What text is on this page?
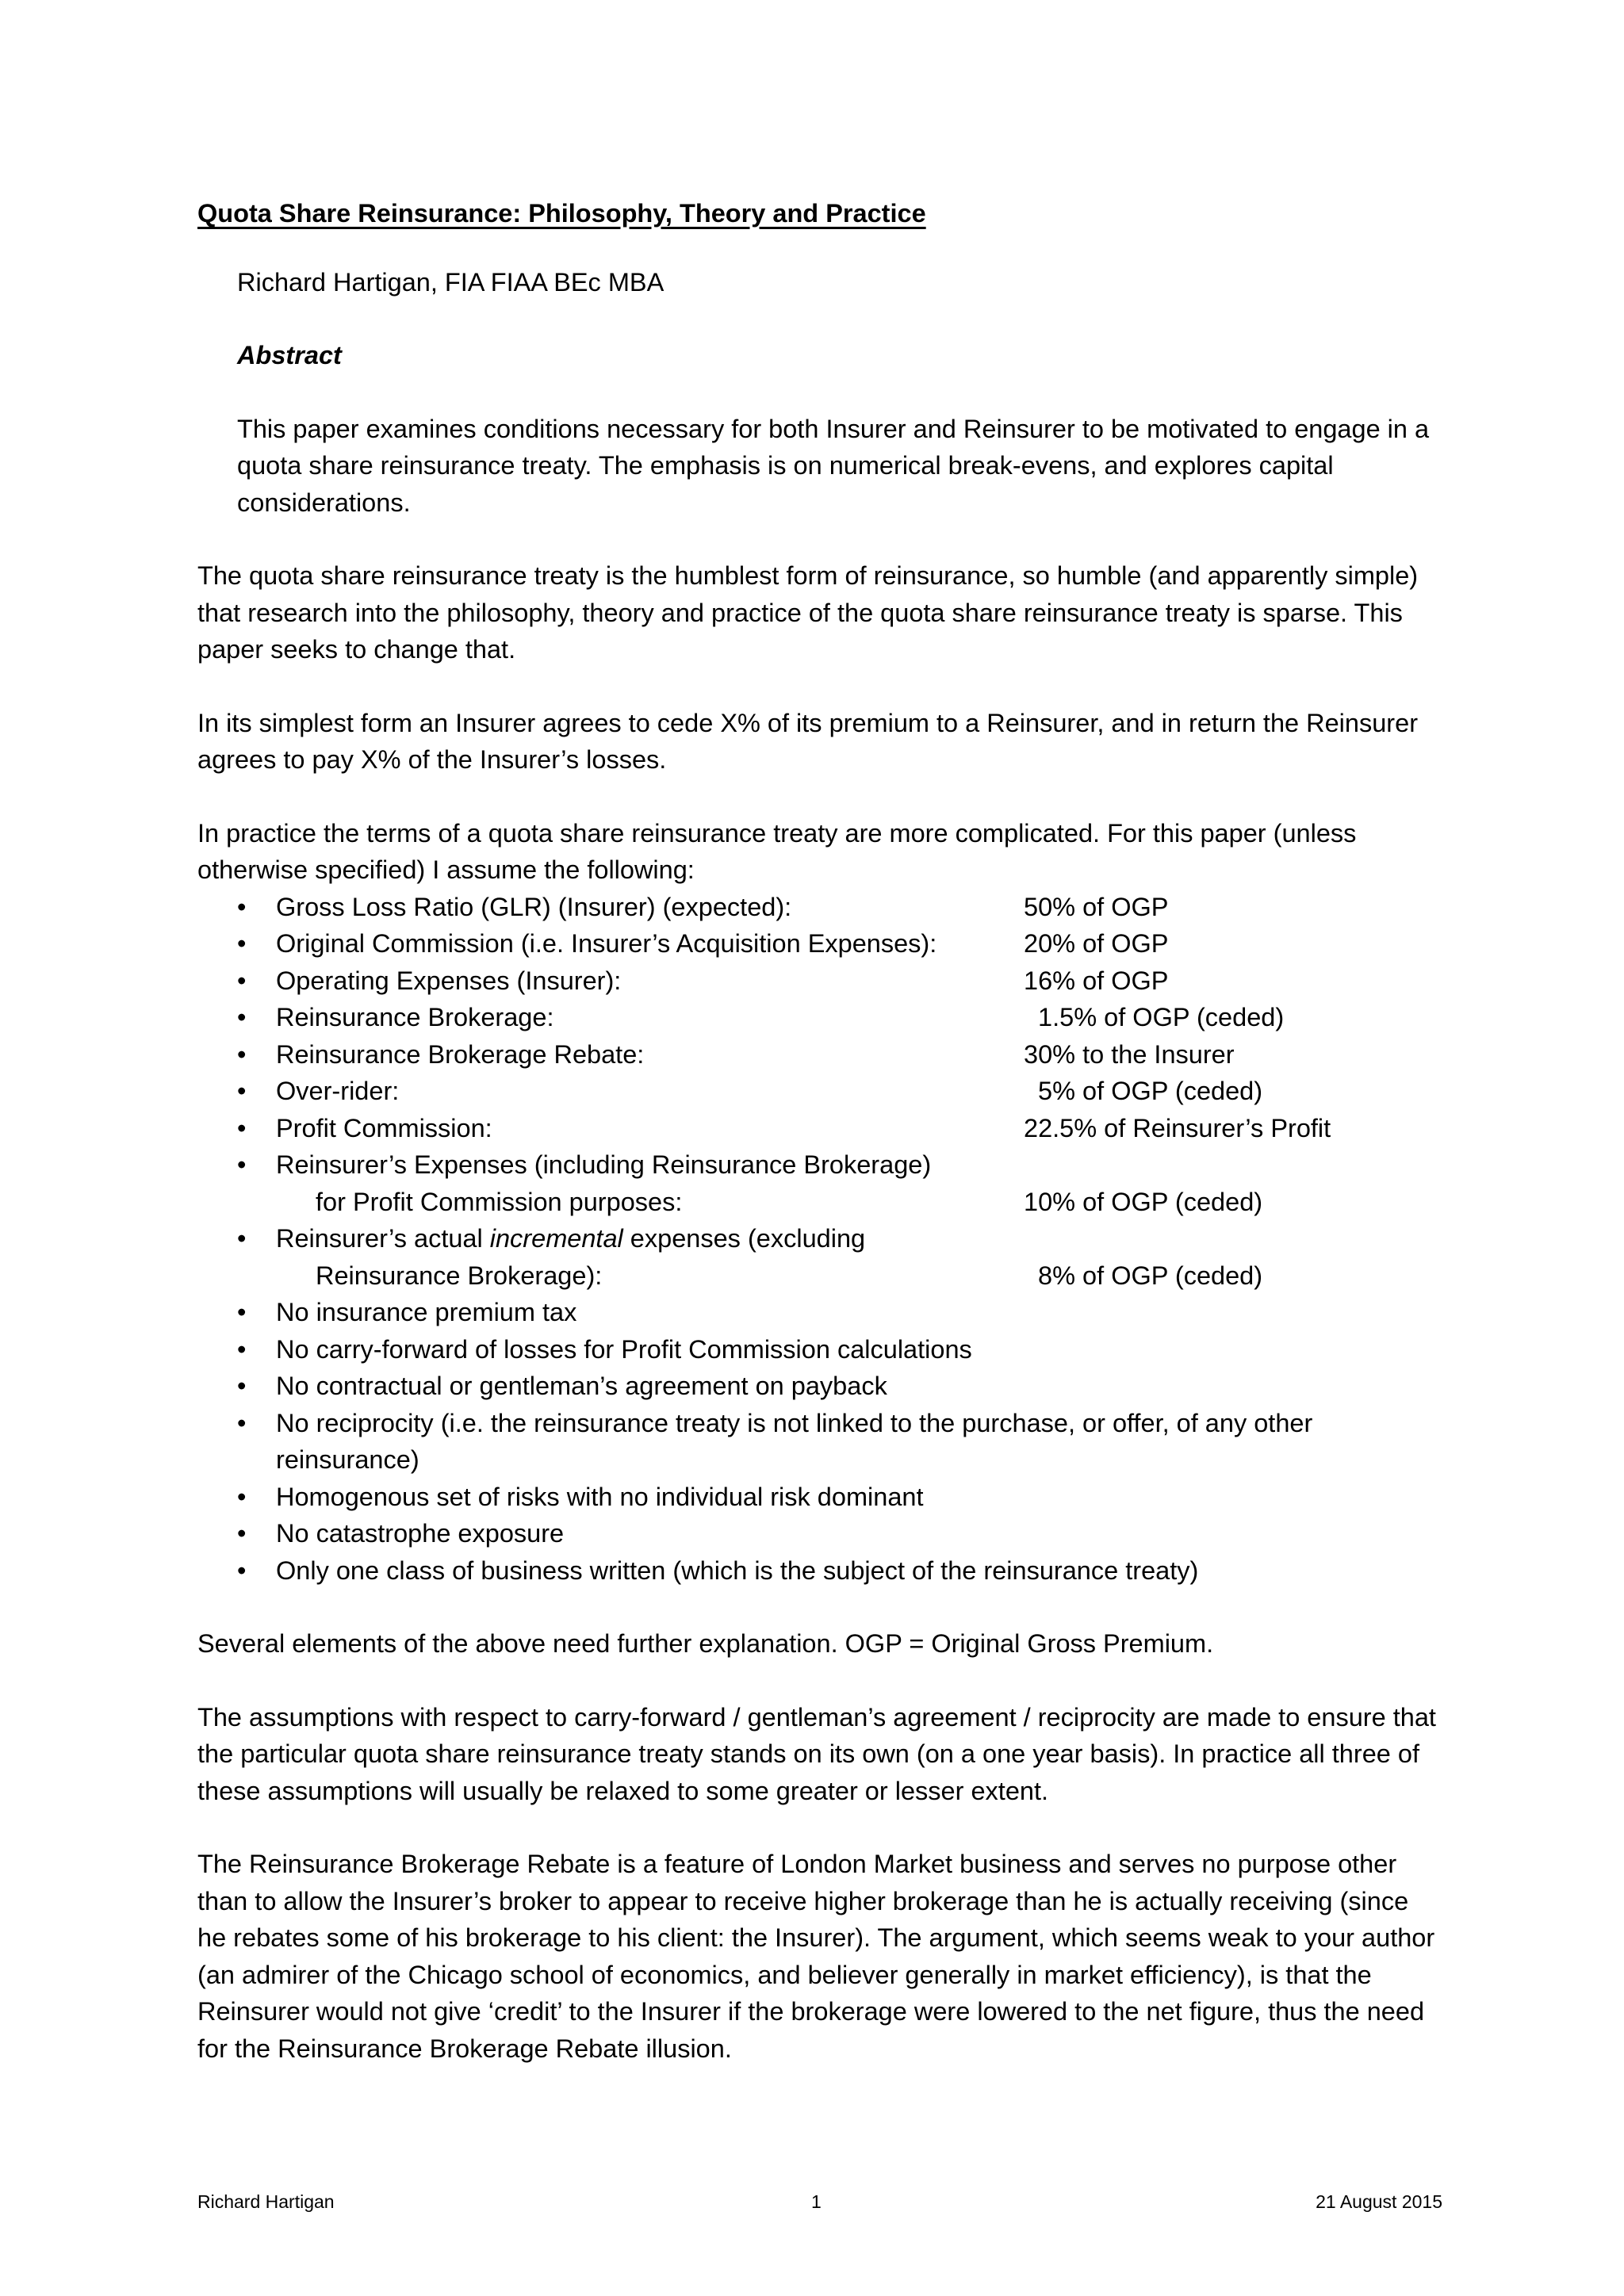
Quota Share Reinsurance: Philosophy, Theory and Practice

Richard Hartigan, FIA FIAA BEc MBA

Abstract

This paper examines conditions necessary for both Insurer and Reinsurer to be motivated to engage in a quota share reinsurance treaty. The emphasis is on numerical break-evens, and explores capital considerations.

The quota share reinsurance treaty is the humblest form of reinsurance, so humble (and apparently simple) that research into the philosophy, theory and practice of the quota share reinsurance treaty is sparse. This paper seeks to change that.

In its simplest form an Insurer agrees to cede X% of its premium to a Reinsurer, and in return the Reinsurer agrees to pay X% of the Insurer’s losses.

In practice the terms of a quota share reinsurance treaty are more complicated. For this paper (unless otherwise specified) I assume the following:

•	Gross Loss Ratio (GLR) (Insurer) (expected):	50% of OGP
•	Original Commission (i.e. Insurer’s Acquisition Expenses):	20% of OGP
•	Operating Expenses (Insurer):	16% of OGP
•	Reinsurance Brokerage:	1.5% of OGP (ceded)
•	Reinsurance Brokerage Rebate:	30% to the Insurer
•	Over-rider:	5% of OGP (ceded)
•	Profit Commission:	22.5% of Reinsurer’s Profit
•	Reinsurer’s Expenses (including Reinsurance Brokerage)
for Profit Commission purposes:	10% of OGP (ceded)
•	Reinsurer’s actual incremental expenses (excluding
Reinsurance Brokerage):	8% of OGP (ceded)
•	No insurance premium tax
•	No carry-forward of losses for Profit Commission calculations
•	No contractual or gentleman’s agreement on payback
•	No reciprocity (i.e. the reinsurance treaty is not linked to the purchase, or offer, of any other reinsurance)
•	Homogenous set of risks with no individual risk dominant
•	No catastrophe exposure
•	Only one class of business written (which is the subject of the reinsurance treaty)

Several elements of the above need further explanation. OGP = Original Gross Premium.

The assumptions with respect to carry-forward / gentleman’s agreement / reciprocity are made to ensure that the particular quota share reinsurance treaty stands on its own (on a one year basis). In practice all three of these assumptions will usually be relaxed to some greater or lesser extent.

The Reinsurance Brokerage Rebate is a feature of London Market business and serves no purpose other than to allow the Insurer’s broker to appear to receive higher brokerage than he is actually receiving (since he rebates some of his brokerage to his client: the Insurer). The argument, which seems weak to your author (an admirer of the Chicago school of economics, and believer generally in market efficiency), is that the Reinsurer would not give ‘credit’ to the Insurer if the brokerage were lowered to the net figure, thus the need for the Reinsurance Brokerage Rebate illusion.

Richard Hartigan	1	21 August 2015
